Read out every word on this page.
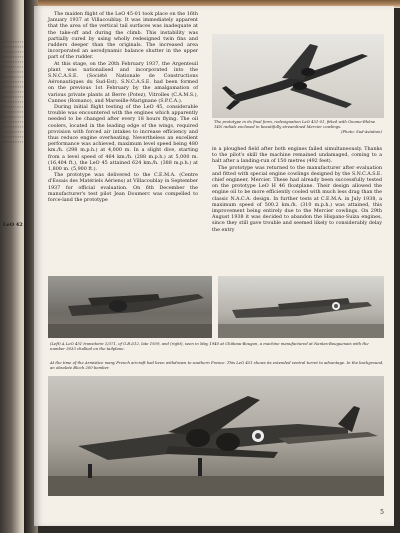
••••••••••••••••••••••••••••••••••••••••••••••••••••••••••••••••••••••••••••••••••••••••••••••••••••••••••••••••••••••••••••••••••••••••••••••••••••••••••••••••••••••••••••••••••••••••••••••••••••••••••••••••••••••••••••••••••••••••••••••••••••••••••••
LeO 42

The maiden flight of the LeO 45-01 took place on the 16th January 1937 at Villacoublay. It was immediately apparent that the area of the vertical tail surfaces was inadequate at the take-off and during the climb. This instability was partially cured by using wholly redesigned twin fins and rudders deeper than the originals. The increased area incorporated an aerodynamic balance shutter in the upper part of the rudder.

At this stage, on the 20th February 1937, the Argenteuil plant was nationalised and incorporated into the S.N.C.A.S.E. (Société Nationale de Constructions Aéronautiques du Sud-Est). S.N.C.A.S.E. had been formed on the previous 1st February by the amalgamation of various private plants at Berre (Potez), Vitrolles (C.A.M.S.), Cannes (Romano), and Marseille-Marignane (S.P.C.A.).

During initial flight testing of the LeO 45, considerable trouble was encountered with the engines which apparently needed to be changed after every 18 hours flying. The oil coolers, located in the leading edge of the wings, required provision with forced air intakes to increase efficiency and thus reduce engine overheating. Nevertheless an excellent performance was achieved, maximum level speed being 480 km./h. (298 m.p.h.) at 4,000 m. In a slight dive, starting from a level speed of 464 km./h. (288 m.p.h.) at 5,000 m. (16,404 ft.), the LeO 45 attained 624 km./h. (388 m.p.h.) at 1,800 m. (5,900 ft.).

The prototype was delivered to the C.E.M.A. (Centre d'Essais des Matériels Aériens) at Villacoublay in September 1937 for official evaluation. On 6th December the manufacturer's test pilot Jean Doumerc was compelled to force-land the prototype

The prototype in its final form, redesignation LeO 451-01, fitted with Gnome-Rhône 14N radials enclosed in beautifully streamlined Mercier cowlings.
(Photo: Sud-Aviation)
(Left) A LeO 451 transitoire 1/371, of G.B.I/12, late 1939, and (right), seen in May 1940 at Château-Bougon, a machine manufactured at Nantes-Bouguenais with the number 3033 chalked on the tailplane.
At the time of the Armistice many French aircraft had been withdrawn to southern France. This LeO 451 shows its extended ventral turret to advantage. In the background, an obsolete Bloch 200 bomber.

in a ploughed field after both engines failed simultaneously. Thanks to the pilot's skill the machine remained undamaged, coming to a halt after a landing-run of 150 metres (492 feet).

The prototype was returned to the manufacturer after evaluation and fitted with special engine cowlings designed by the S.N.C.A.S.E. chief engineer, Mercier. These had already been successfully tested on the prototype LeO H 46 floatplane. Their design allowed the engine oil to be more efficiently cooled with much less drag than the classic N.A.C.A. design. In further tests at C.E.M.A. in July 1938, a maximum speed of 500.2 km./h. (310 m.p.h.) was attained, this improvement being entirely due to the Mercier cowlings. On 29th August 1938 it was decided to abandon the Hispano-Suiza engines, since they still gave trouble and seemed likely to considerably delay the entry

5
